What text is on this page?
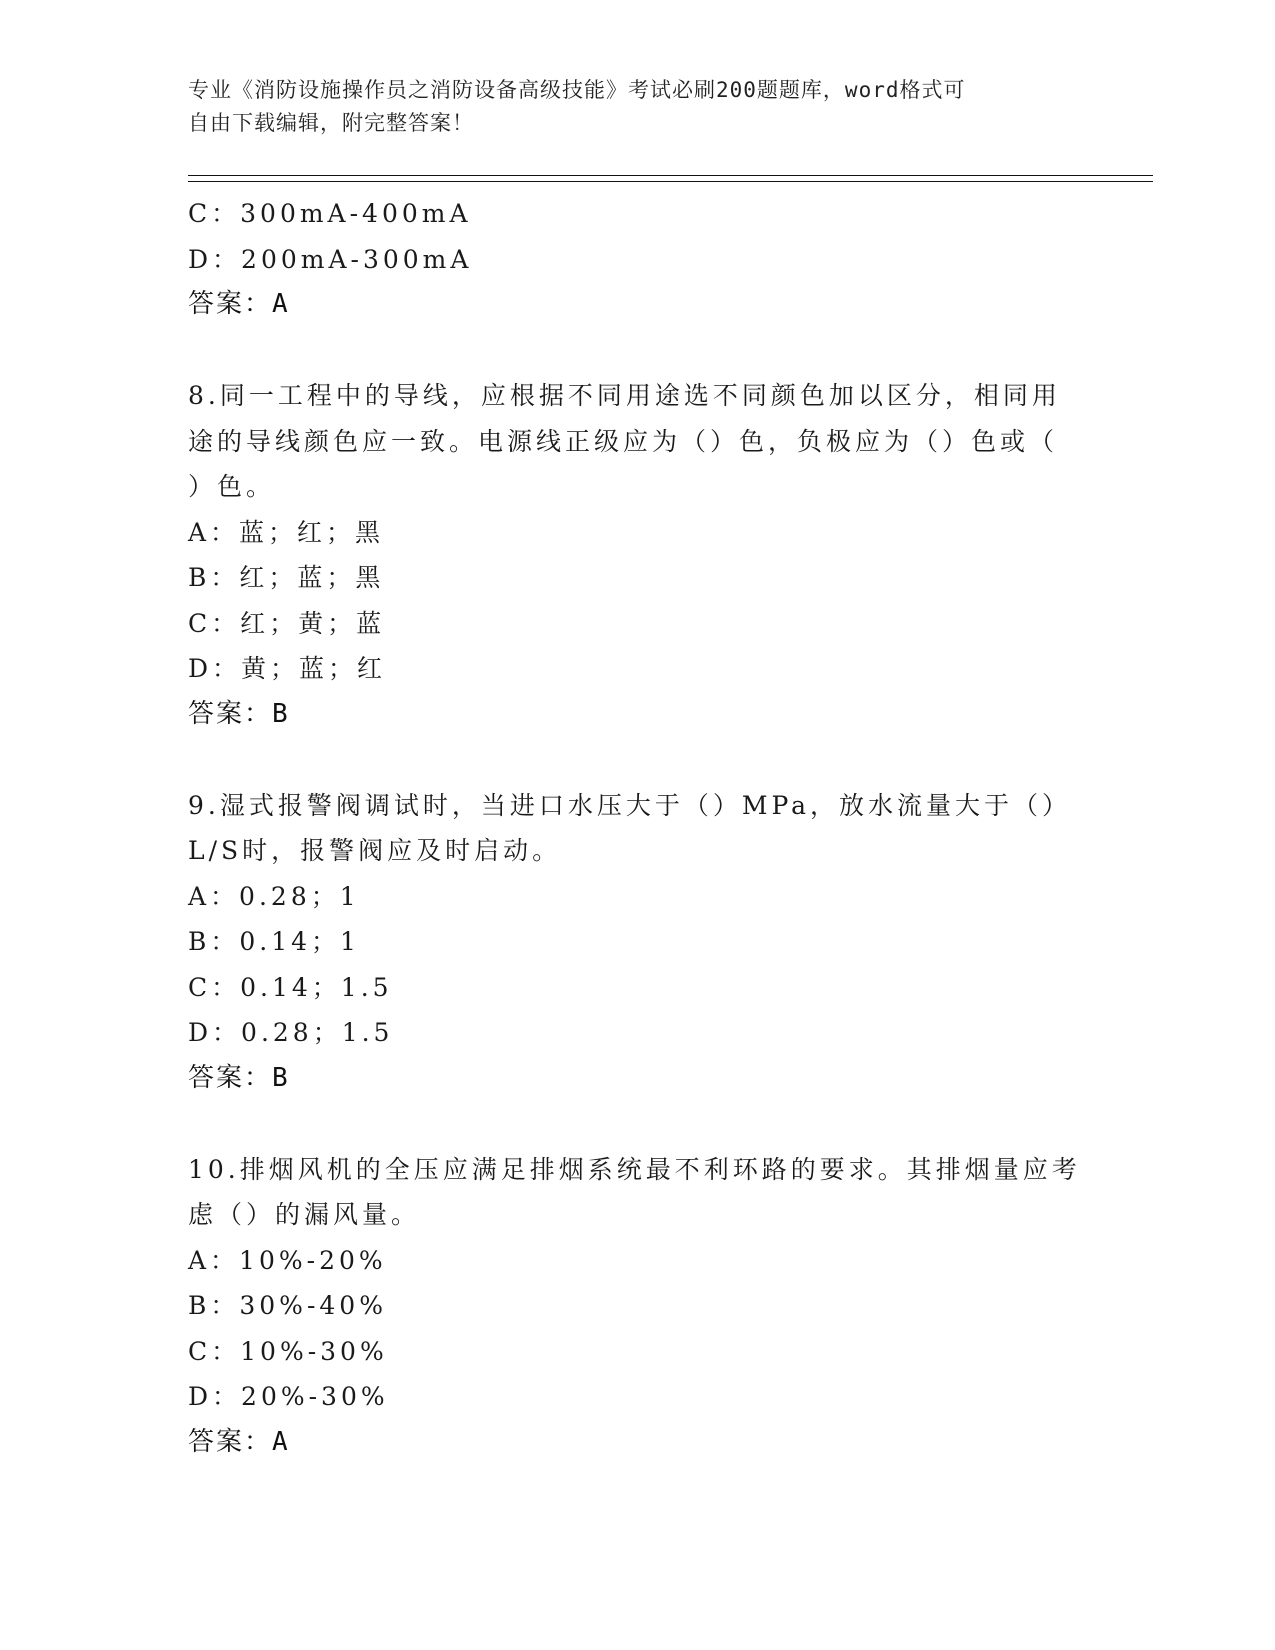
专业《消防设施操作员之消防设备高级技能》考试必刷200题题库，word格式可
自由下载编辑，附完整答案！
C：300mA-400mA
D：200mA-300mA
答案：A
8.同一工程中的导线，应根据不同用途选不同颜色加以区分，相同用
途的导线颜色应一致。电源线正级应为（）色，负极应为（）色或（
）色。
A：蓝；红；黑
B：红；蓝；黑
C：红；黄；蓝
D：黄；蓝；红
答案：B
9.湿式报警阀调试时，当进口水压大于（）MPa，放水流量大于（）
L/S时，报警阀应及时启动。
A：0.28；1
B：0.14；1
C：0.14；1.5
D：0.28；1.5
答案：B
10.排烟风机的全压应满足排烟系统最不利环路的要求。其排烟量应考
虑（）的漏风量。
A：10%-20%
B：30%-40%
C：10%-30%
D：20%-30%
答案：A
